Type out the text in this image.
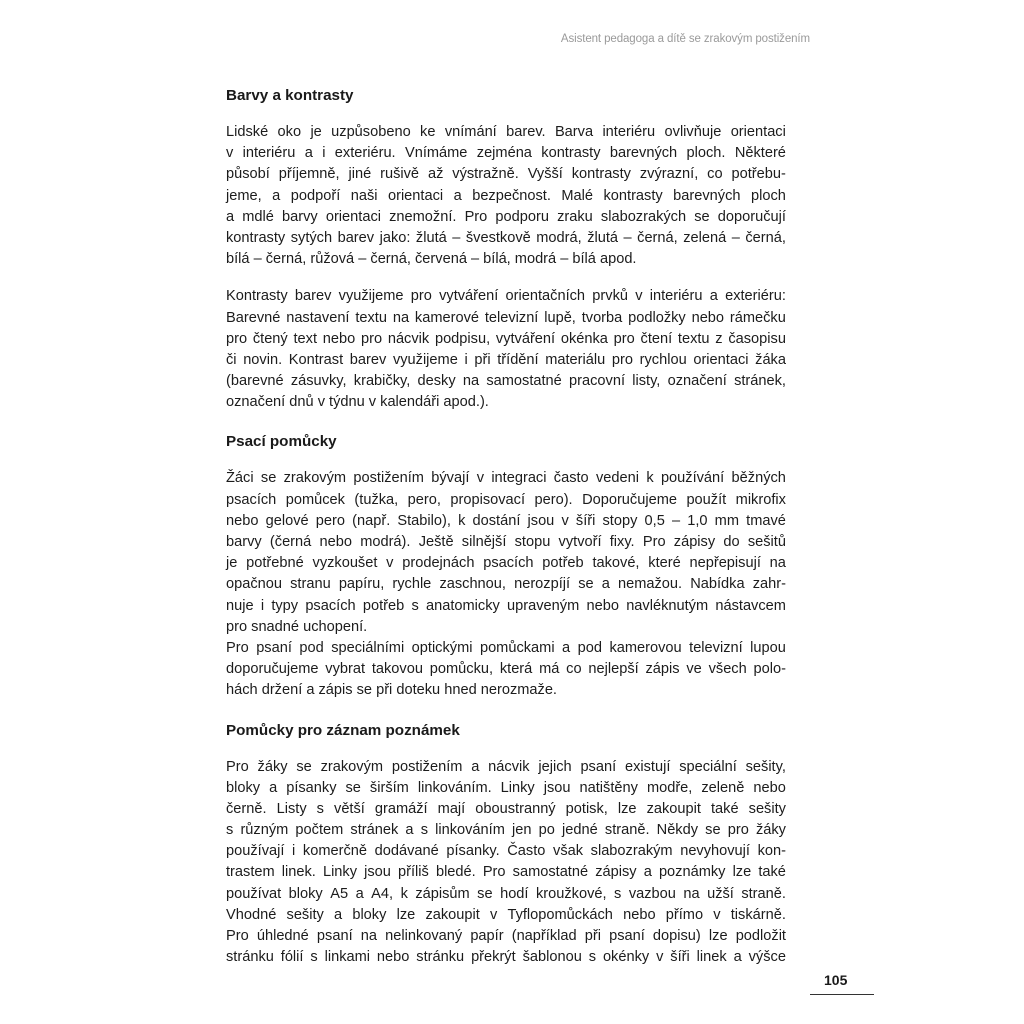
Asistent pedagoga a dítě se zrakovým postižením
Barvy a kontrasty
Lidské oko je uzpůsobeno ke vnímání barev. Barva interiéru ovlivňuje orientaci
v interiéru a i exteriéru. Vnímáme zejména kontrasty barevných ploch. Některé
působí příjemně, jiné rušivě až výstražně. Vyšší kontrasty zvýrazní, co potřebu-
jeme, a podpoří naši orientaci a bezpečnost. Malé kontrasty barevných ploch
a mdlé barvy orientaci znemožní. Pro podporu zraku slabozrakých se doporučují
kontrasty sytých barev jako: žlutá – švestkově modrá, žlutá – černá, zelená – černá,
bílá – černá, růžová – černá, červená – bílá, modrá – bílá apod.
Kontrasty barev využijeme pro vytváření orientačních prvků v interiéru a exteriéru:
Barevné nastavení textu na kamerové televizní lupě, tvorba podložky nebo rámečku
pro čtený text nebo pro nácvik podpisu, vytváření okénka pro čtení textu z časopisu
či novin. Kontrast barev využijeme i při třídění materiálu pro rychlou orientaci žáka
(barevné zásuvky, krabičky, desky na samostatné pracovní listy, označení stránek,
označení dnů v týdnu v kalendáři apod.).
Psací pomůcky
Žáci se zrakovým postižením bývají v integraci často vedeni k používání běžných
psacích pomůcek (tužka, pero, propisovací pero). Doporučujeme použít mikrofix
nebo gelové pero (např. Stabilo), k dostání jsou v šíři stopy 0,5 – 1,0 mm tmavé
barvy (černá nebo modrá). Ještě silnější stopu vytvoří fixy. Pro zápisy do sešitů
je potřebné vyzkoušet v prodejnách psacích potřeb takové, které nepřepisují na
opačnou stranu papíru, rychle zaschnou, nerozpíjí se a nemažou. Nabídka zahr-
nuje i typy psacích potřeb s anatomicky upraveným nebo navléknutým nástavcem
pro snadné uchopení.
Pro psaní pod speciálními optickými pomůckami a pod kamerovou televizní lupou
doporučujeme vybrat takovou pomůcku, která má co nejlepší zápis ve všech polo-
hách držení a zápis se při doteku hned nerozmaže.
Pomůcky pro záznam poznámek
Pro žáky se zrakovým postižením a nácvik jejich psaní existují speciální sešity,
bloky a písanky se širším linkováním. Linky jsou natištěny modře, zeleně nebo
černě. Listy s větší gramáží mají oboustranný potisk, lze zakoupit také sešity
s různým počtem stránek a s linkováním jen po jedné straně. Někdy se pro žáky
používají i komerčně dodávané písanky. Často však slabozrakým nevyhovují kon-
trastem linek. Linky jsou příliš bledé. Pro samostatné zápisy a poznámky lze také
používat bloky A5 a A4, k zápisům se hodí kroužkové, s vazbou na užší straně.
Vhodné sešity a bloky lze zakoupit v Tyflopomůckách nebo přímo v tiskárně.
Pro úhledné psaní na nelinkovaný papír (například při psaní dopisu) lze podložit
stránku fólií s linkami nebo stránku překrýt šablonou s okénky v šíři linek a výšce
105
